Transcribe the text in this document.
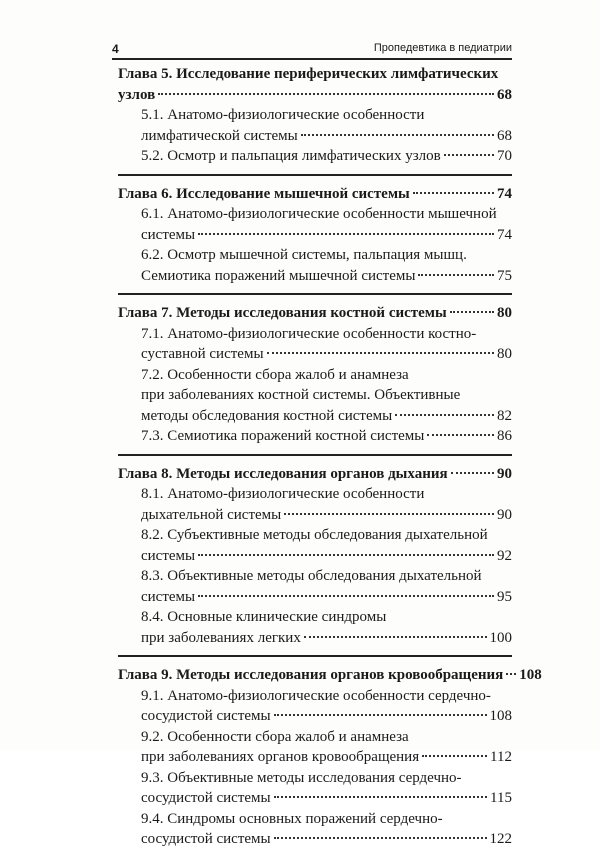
4	Пропедевтика в педиатрии
Глава 5. Исследование периферических лимфатических
узлов	68
5.1. Анатомо-физиологические особенности
лимфатической системы	68
5.2. Осмотр и пальпация лимфатических узлов	70
Глава 6. Исследование мышечной системы	74
6.1. Анатомо-физиологические особенности мышечной
системы	74
6.2. Осмотр мышечной системы, пальпация мышц.
Семиотика поражений мышечной системы	75
Глава 7. Методы исследования костной системы	80
7.1. Анатомо-физиологические особенности костно-
суставной системы	80
7.2. Особенности сбора жалоб и анамнеза
при заболеваниях костной системы. Объективные
методы обследования костной системы	82
7.3. Семиотика поражений костной системы	86
Глава 8. Методы исследования органов дыхания	90
8.1. Анатомо-физиологические особенности
дыхательной системы	90
8.2. Субъективные методы обследования дыхательной
системы	92
8.3. Объективные методы обследования дыхательной
системы	95
8.4. Основные клинические синдромы
при заболеваниях легких	100
Глава 9. Методы исследования органов кровообращения 108
9.1. Анатомо-физиологические особенности сердечно-
сосудистой системы	108
9.2. Особенности сбора жалоб и анамнеза
при заболеваниях органов кровообращения	112
9.3. Объективные методы исследования сердечно-
сосудистой системы	115
9.4. Синдромы основных поражений сердечно-
сосудистой системы	122
